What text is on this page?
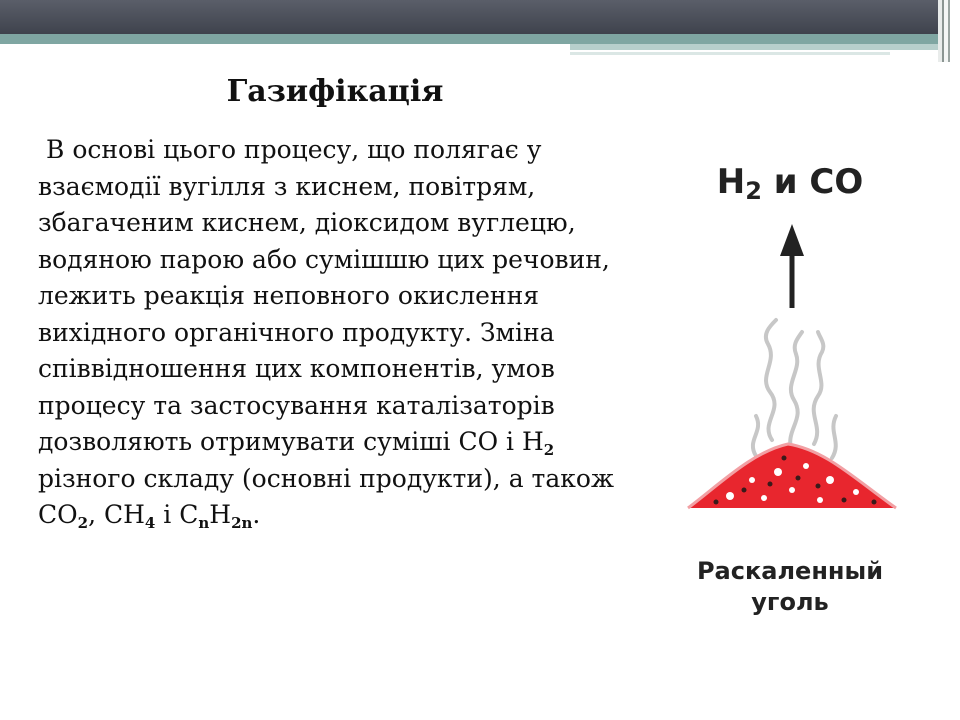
Газифікація
В основі цього процесу, що полягає у взаємодії вугілля з киснем, повітрям, збагаченим киснем, діоксидом вуглецю, водяною парою або сумішшю цих речовин, лежить реакція неповного окислення вихідного органічного продукту. Зміна співвідношення цих компонентів, умов процесу та застосування каталізаторів дозволяють отримувати суміші CO і $H_2$ різного складу (основні продукти), а також $CO_2$, $CH_4$ і $C_nH_{2n}$.
$H_2$ и CO
Раскаленный
уголь
